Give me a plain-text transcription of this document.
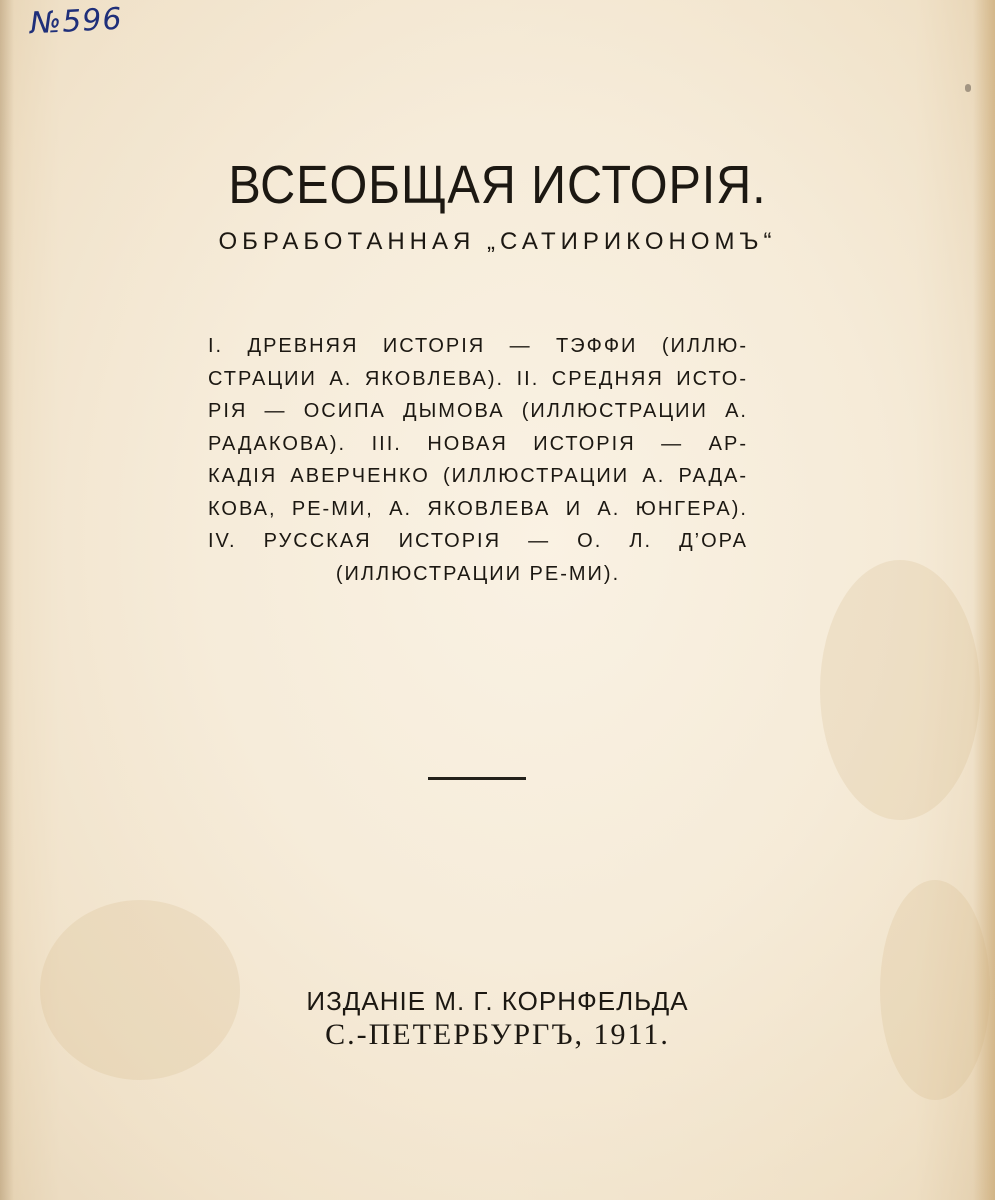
№596
ВСЕОБЩАЯ ИСТОРІЯ.
ОБРАБОТАННАЯ „САТИРИКОНОМЪ“
I. ДРЕВНЯЯ ИСТОРІЯ — ТЭФФИ (ИЛЛЮ-
СТРАЦИИ А. ЯКОВЛЕВА). II. СРЕДНЯЯ ИСТО-
РІЯ — ОСИПА ДЫМОВА (ИЛЛЮСТРАЦИИ А.
РАДАКОВА). III. НОВАЯ ИСТОРІЯ — АР-
КАДІЯ АВЕРЧЕНКО (ИЛЛЮСТРАЦИИ А. РАДА-
КОВА, РЕ-МИ, А. ЯКОВЛЕВА И А. ЮНГЕРА).
IV. РУССКАЯ ИСТОРІЯ — О. Л. Д’ОРА
(ИЛЛЮСТРАЦИИ РЕ-МИ).
ИЗДАНІЕ М. Г. КОРНФЕЛЬДА
С.-ПЕТЕРБУРГЪ, 1911.
